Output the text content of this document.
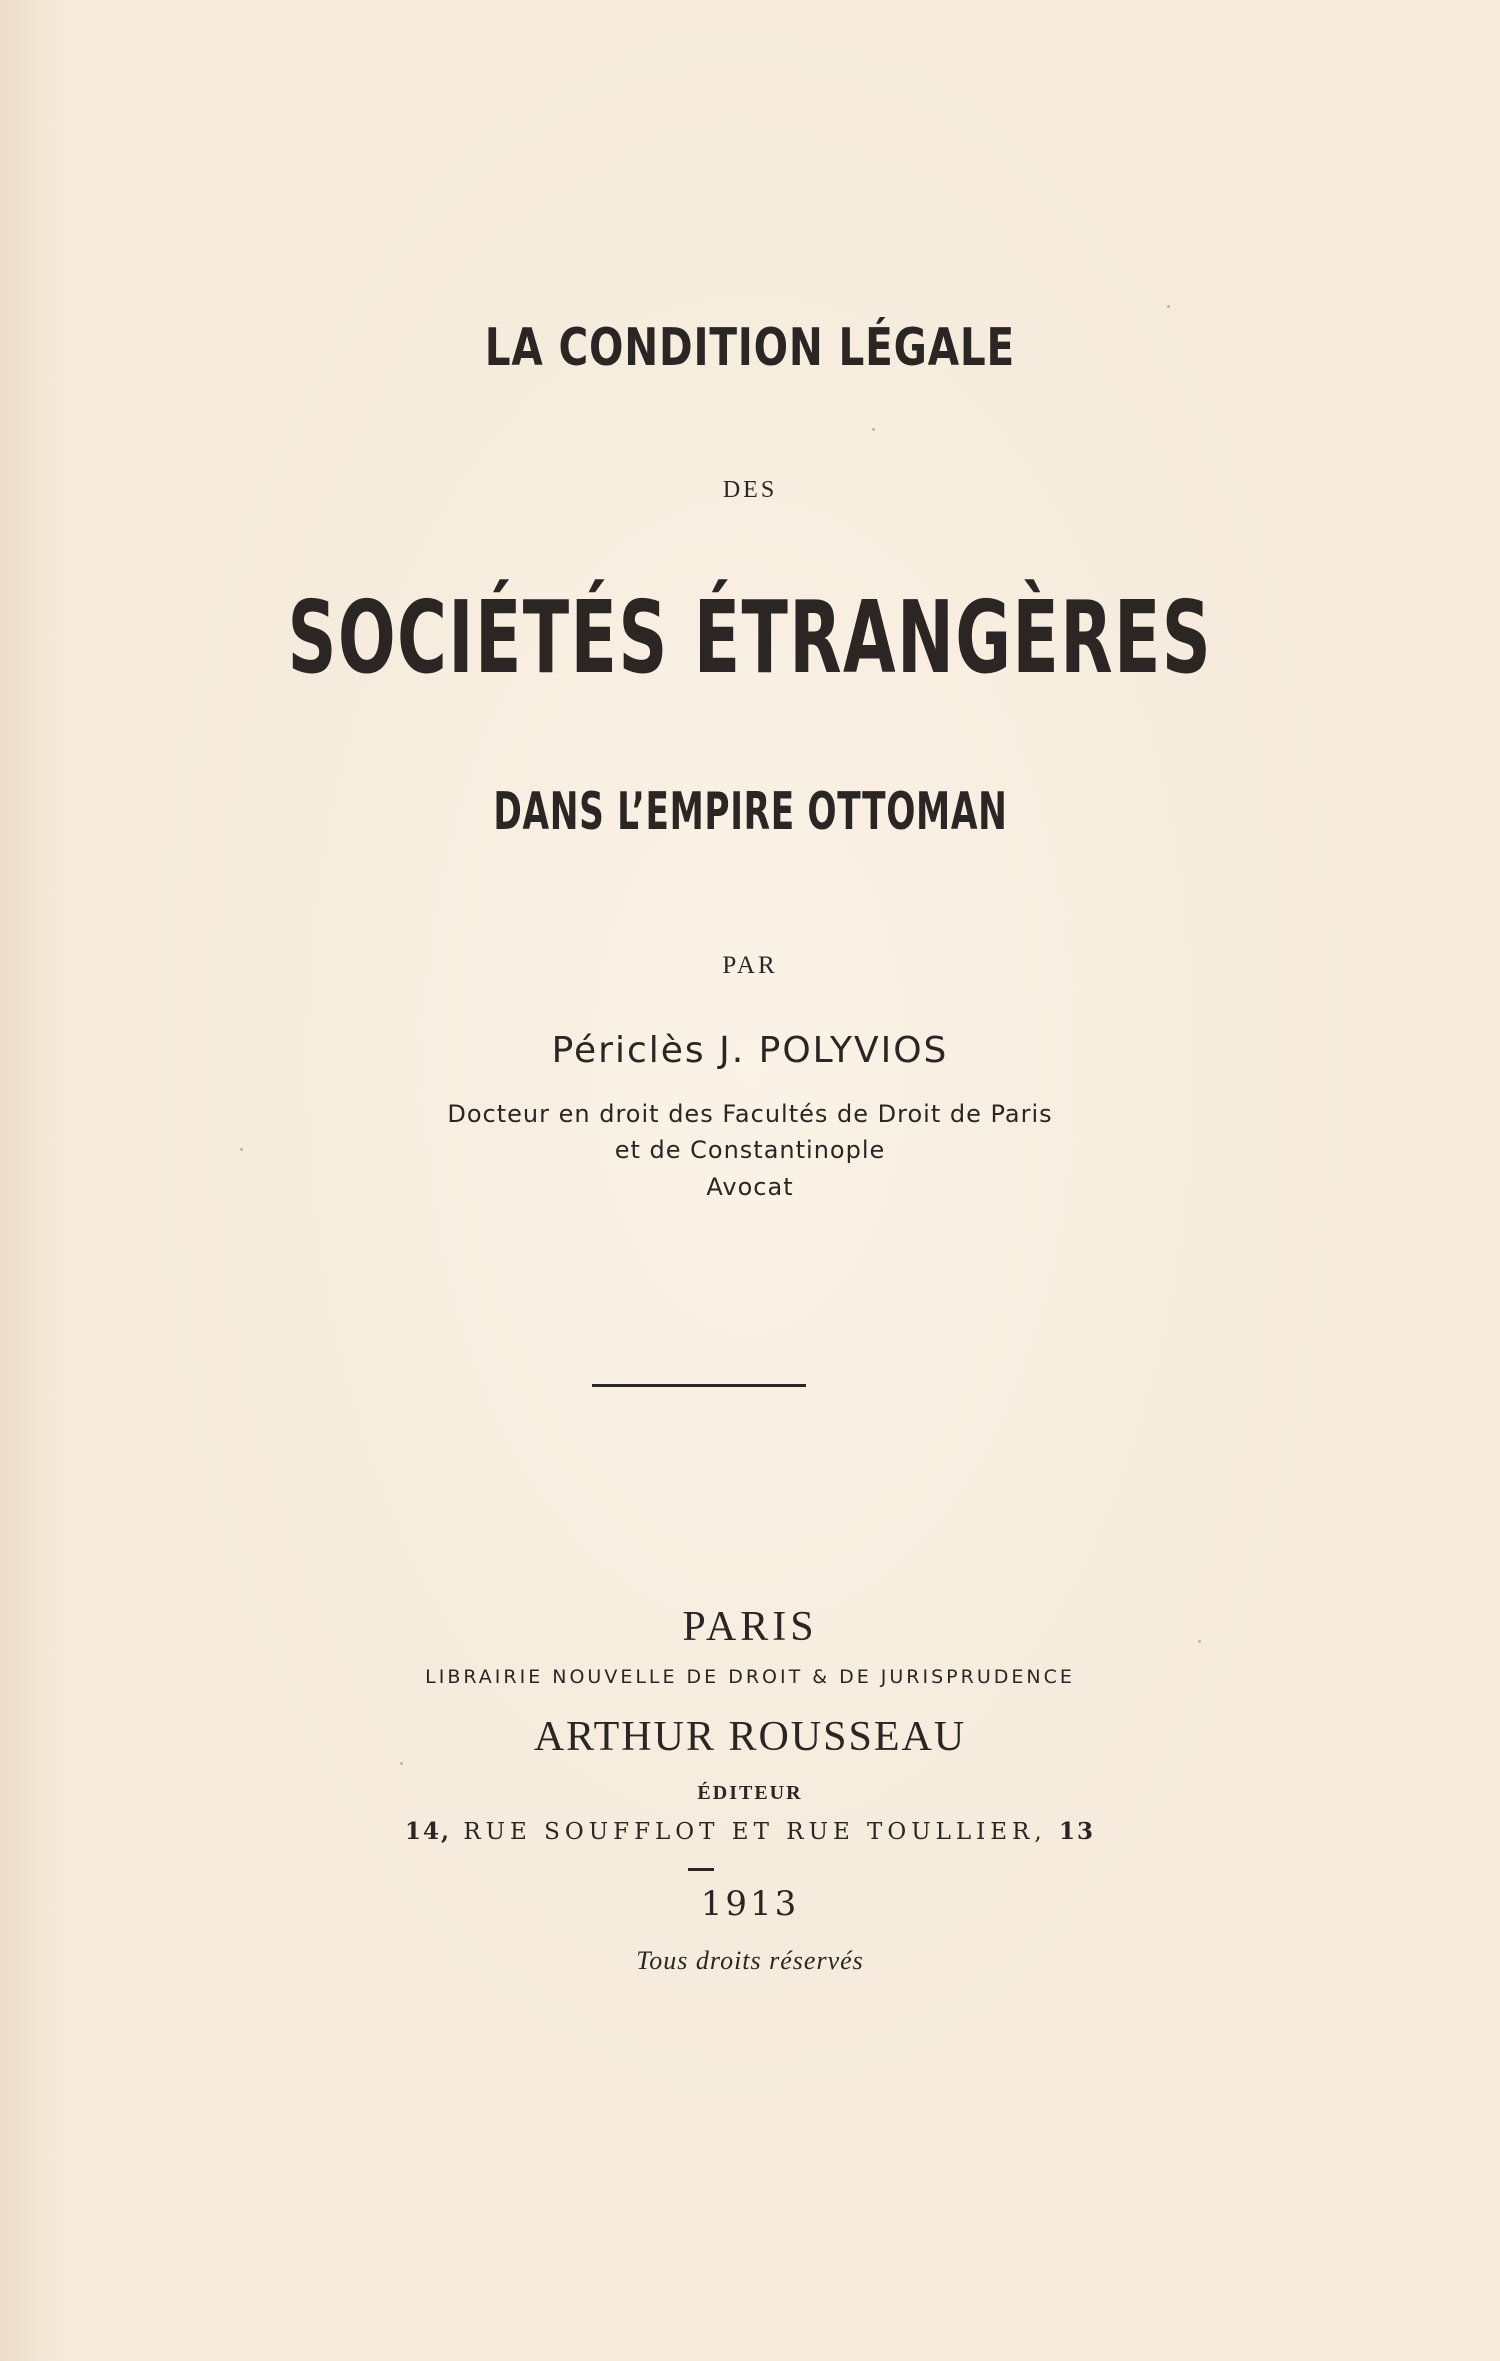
LA CONDITION LÉGALE
DES
SOCIÉTÉS ÉTRANGÈRES
DANS L’EMPIRE OTTOMAN
PAR
Périclès J. POLYVIOS
Docteur en droit des Facultés de Droit de Paris
et de Constantinople
Avocat
PARIS
LIBRAIRIE NOUVELLE DE DROIT & DE JURISPRUDENCE
ARTHUR ROUSSEAU
ÉDITEUR
14, RUE SOUFFLOT ET RUE TOULLIER, 13
1913
Tous droits réservés
